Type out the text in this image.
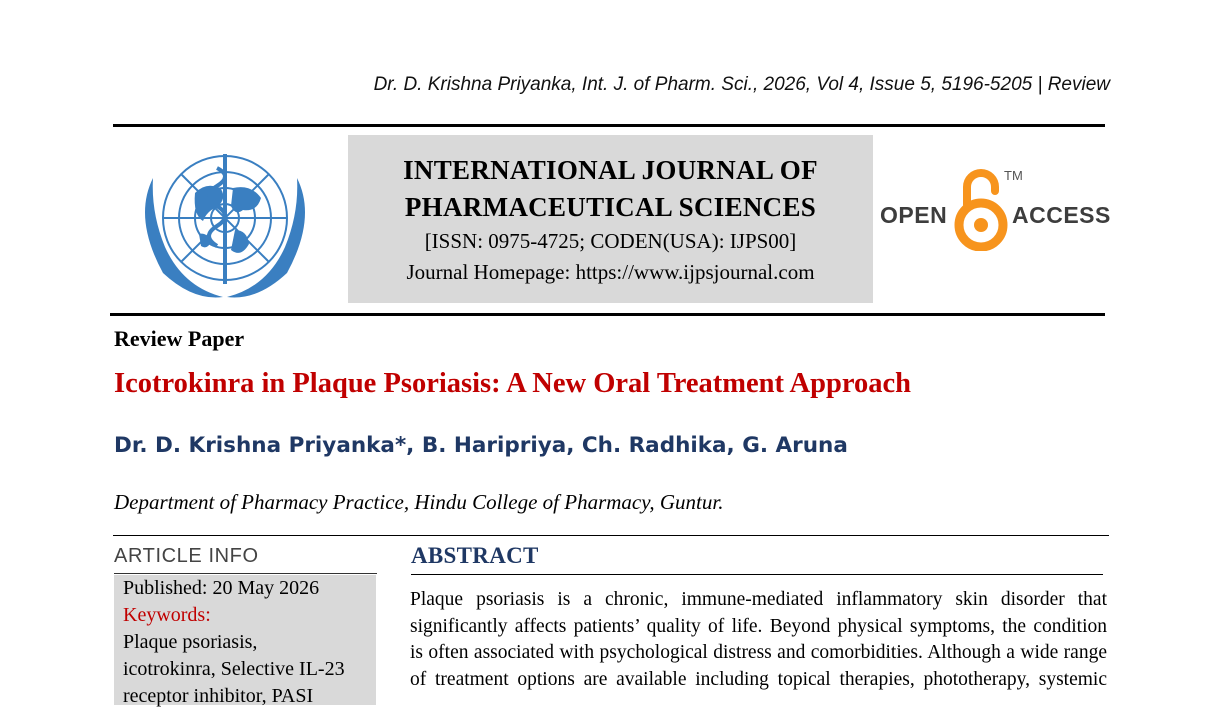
Dr. D. Krishna Priyanka, Int. J. of Pharm. Sci., 2026, Vol 4, Issue 5, 5196-5205 | Review
INTERNATIONAL JOURNAL OF
PHARMACEUTICAL SCIENCES
[ISSN: 0975-4725; CODEN(USA): IJPS00]
Journal Homepage: https://www.ijpsjournal.com
OPEN
TM
ACCESS
Review Paper
Icotrokinra in Plaque Psoriasis: A New Oral Treatment Approach
Dr. D. Krishna Priyanka*, B. Haripriya, Ch. Radhika, G. Aruna
Department of Pharmacy Practice, Hindu College of Pharmacy, Guntur.
ARTICLE INFO
Published: 20 May 2026
Keywords:
Plaque psoriasis,
icotrokinra, Selective IL-23
receptor inhibitor, PASI
ABSTRACT
Plaque psoriasis is a chronic, immune-mediated inflammatory skin disorder that
significantly affects patients’ quality of life. Beyond physical symptoms, the condition
is often associated with psychological distress and comorbidities. Although a wide range
of treatment options are available including topical therapies, phototherapy, systemic
